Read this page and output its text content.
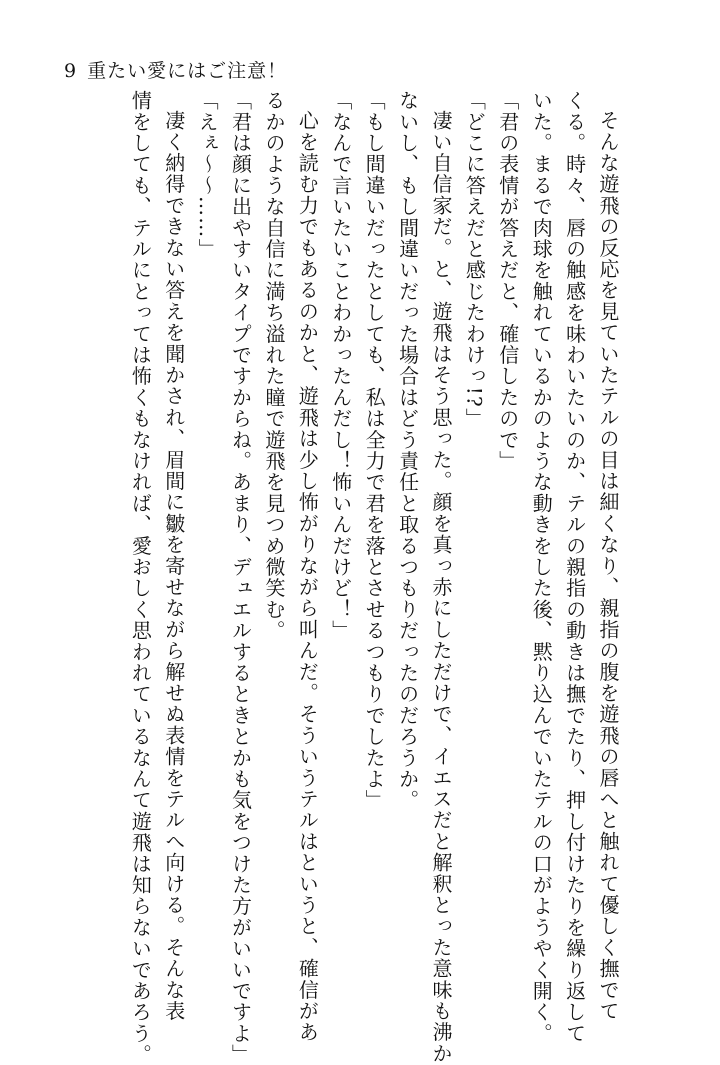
9 重たい愛にはご注意！

そんな遊飛の反応を見ていたテルの目は細くなり、親指の腹を遊飛の唇へと触れて優しく撫でて

くる。時々、唇の触感を味わいたいのか、テルの親指の動きは撫でたり、押し付けたりを繰り返して

いた。まるで肉球を触れているかのような動きをした後、黙り込んでいたテルの口がようやく開く。

「君の表情が答えだと、確信したので」

「どこに答えだと感じたわけっ!?」

凄い自信家だ。と、遊飛はそう思った。顔を真っ赤にしただけで、イエスだと解釈とった意味も沸か

ないし、もし間違いだった場合はどう責任と取るつもりだったのだろうか。

「もし間違いだったとしても、私は全力で君を落とさせるつもりでしたよ」

「なんで言いたいことわかったんだし！怖いんだけど！」

心を読む力でもあるのかと、遊飛は少し怖がりながら叫んだ。そういうテルはというと、確信があ

るかのような自信に満ち溢れた瞳で遊飛を見つめ微笑む。

「君は顔に出やすいタイプですからね。あまり、デュエルするときとかも気をつけた方がいいですよ」

「えぇ〜〜……」

凄く納得できない答えを聞かされ、眉間に皺を寄せながら解せぬ表情をテルへ向ける。そんな表

情をしても、テルにとっては怖くもなければ、愛おしく思われているなんて遊飛は知らないであろう。
